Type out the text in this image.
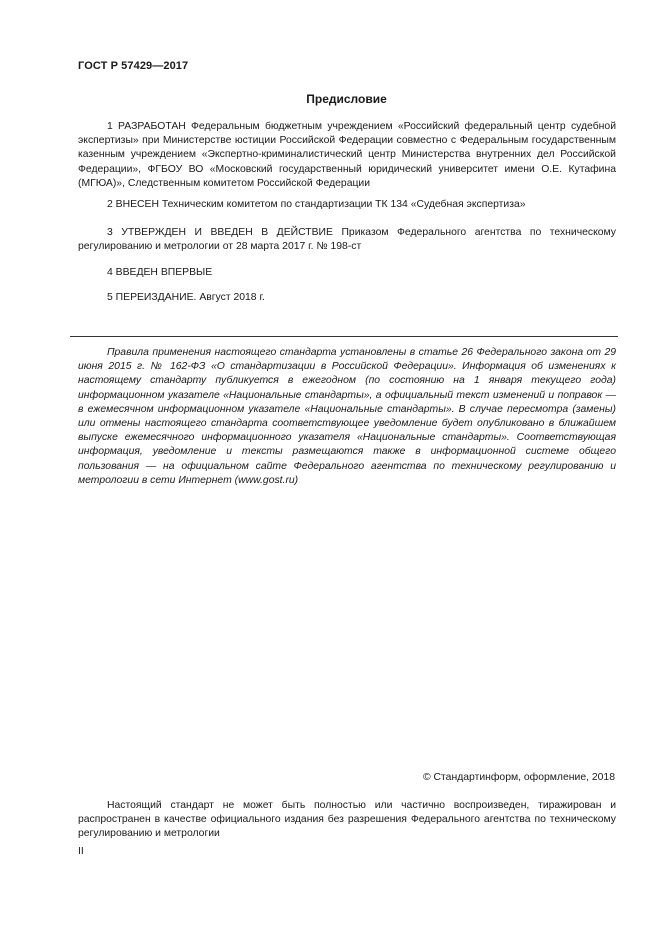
ГОСТ Р 57429—2017
Предисловие

1 РАЗРАБОТАН Федеральным бюджетным учреждением «Российский федеральный центр судебной экспертизы» при Министерстве юстиции Российской Федерации совместно с Федеральным государственным казенным учреждением «Экспертно-криминалистический центр Министерства внутренних дел Российской Федерации», ФГБОУ ВО «Московский государственный юридический университет имени О.Е. Кутафина (МГЮА)», Следственным комитетом Российской Федерации

2 ВНЕСЕН Техническим комитетом по стандартизации ТК 134 «Судебная экспертиза»

3 УТВЕРЖДЕН И ВВЕДЕН В ДЕЙСТВИЕ Приказом Федерального агентства по техническому регулированию и метрологии от 28 марта 2017 г. № 198-ст

4 ВВЕДЕН ВПЕРВЫЕ

5 ПЕРЕИЗДАНИЕ. Август 2018 г.

Правила применения настоящего стандарта установлены в статье 26 Федерального закона от 29 июня 2015 г. № 162-ФЗ «О стандартизации в Российской Федерации». Информация об изменениях к настоящему стандарту публикуется в ежегодном (по состоянию на 1 января текущего года) информационном указателе «Национальные стандарты», а официальный текст изменений и поправок — в ежемесячном информационном указателе «Национальные стандарты». В случае пересмотра (замены) или отмены настоящего стандарта соответствующее уведомление будет опубликовано в ближайшем выпуске ежемесячного информационного указателя «Национальные стандарты». Соответствующая информация, уведомление и тексты размещаются также в информационной системе общего пользования — на официальном сайте Федерального агентства по техническому регулированию и метрологии в сети Интернет (www.gost.ru)

© Стандартинформ, оформление, 2018

Настоящий стандарт не может быть полностью или частично воспроизведен, тиражирован и распространен в качестве официального издания без разрешения Федерального агентства по техническому регулированию и метрологии

II
